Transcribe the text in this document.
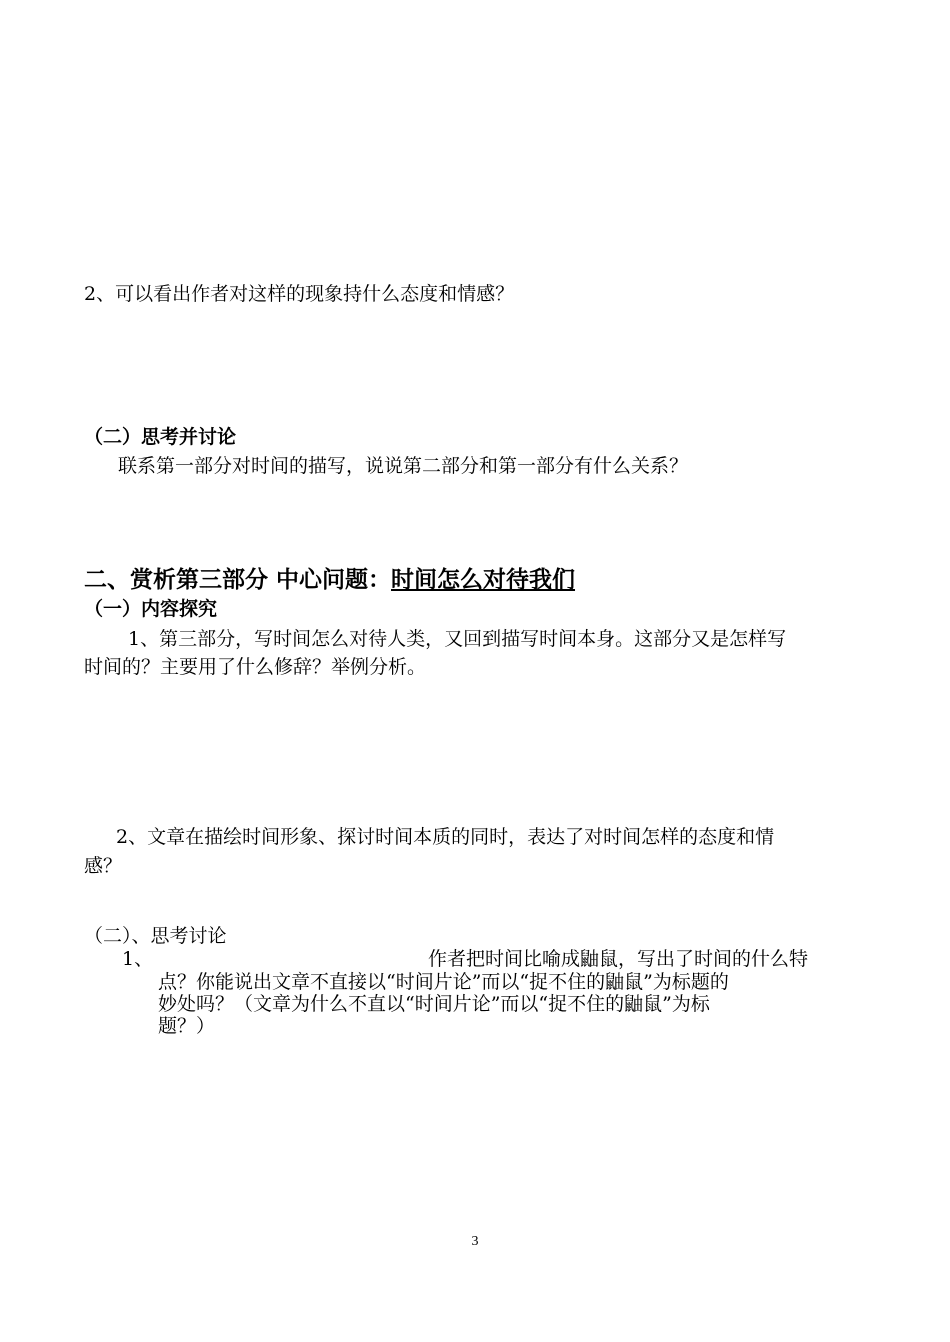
2、可以看出作者对这样的现象持什么态度和情感？
（二）思考并讨论
联系第一部分对时间的描写，说说第二部分和第一部分有什么关系？
二、赏析第三部分 中心问题：时间怎么对待我们
（一）内容探究
1、第三部分，写时间怎么对待人类，又回到描写时间本身。这部分又是怎样写
时间的？主要用了什么修辞？举例分析。
2、文章在描绘时间形象、探讨时间本质的同时，表达了对时间怎样的态度和情
感？
（二）、思考讨论
1、	作者把时间比喻成鼬鼠，写出了时间的什么特
点？你能说出文章不直接以“时间片论”而以“捉不住的鼬鼠”为标题的
妙处吗？（文章为什么不直以“时间片论”而以“捉不住的鼬鼠”为标
题？）
3
